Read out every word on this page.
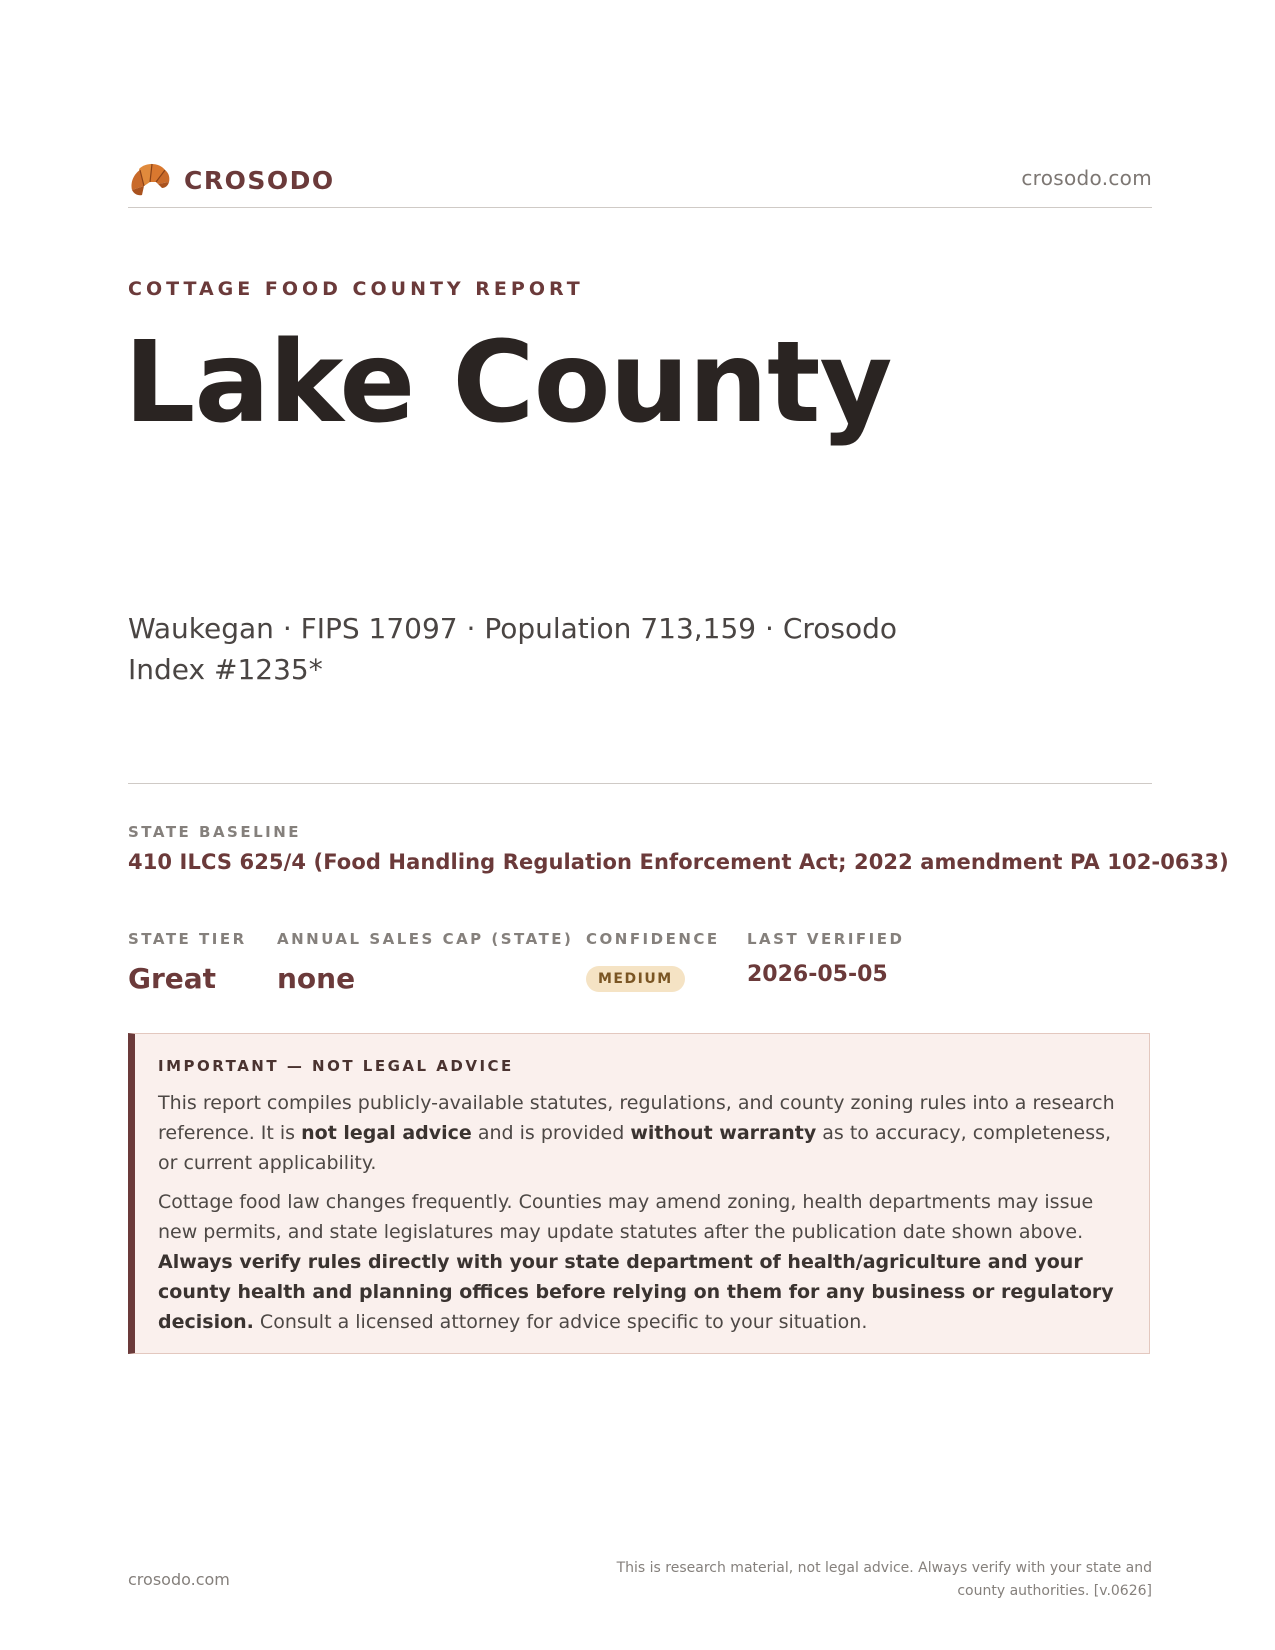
CROSODO	crosodo.com
COTTAGE FOOD COUNTY REPORT
Lake County
Waukegan · FIPS 17097 · Population 713,159 · Crosodo Index #1235*
STATE BASELINE
410 ILCS 625/4 (Food Handling Regulation Enforcement Act; 2022 amendment PA 102-0633)
STATE TIER
Great
ANNUAL SALES CAP (STATE)
none
CONFIDENCE
MEDIUM
LAST VERIFIED
2026-05-05
IMPORTANT — NOT LEGAL ADVICE

This report compiles publicly-available statutes, regulations, and county zoning rules into a research reference. It is not legal advice and is provided without warranty as to accuracy, completeness, or current applicability.

Cottage food law changes frequently. Counties may amend zoning, health departments may issue new permits, and state legislatures may update statutes after the publication date shown above. Always verify rules directly with your state department of health/agriculture and your county health and planning offices before relying on them for any business or regulatory decision. Consult a licensed attorney for advice specific to your situation.

crosodo.com
This is research material, not legal advice. Always verify with your state and county authorities. [v.0626]
